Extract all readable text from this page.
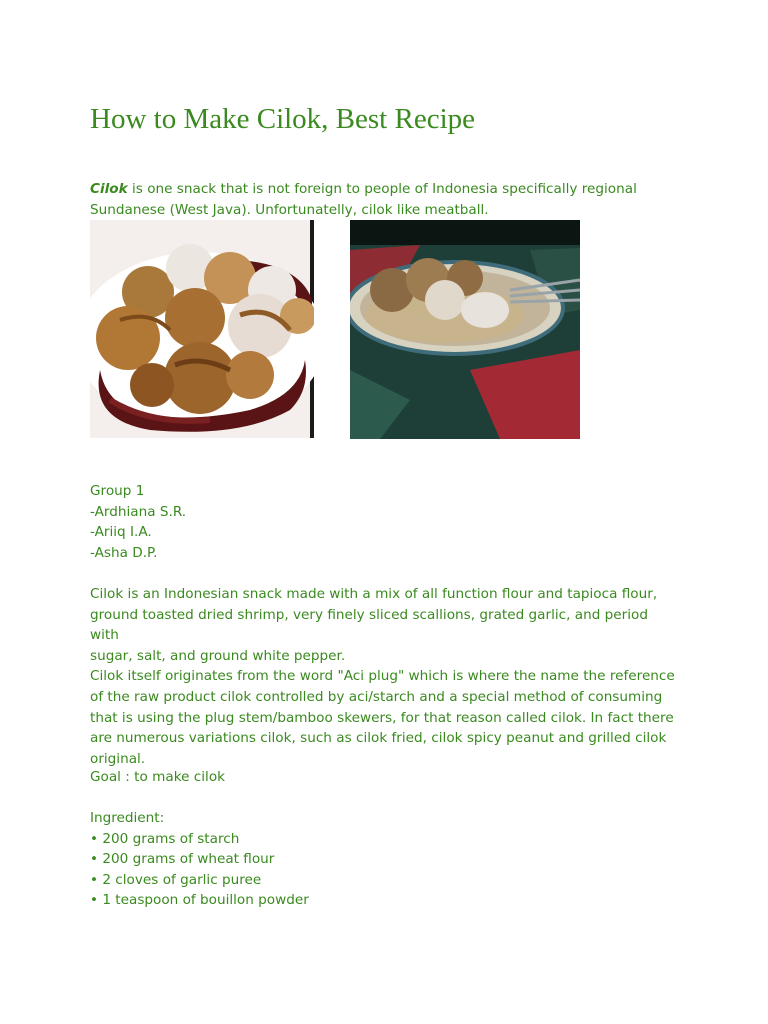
How to Make Cilok, Best Recipe
Cilok is one snack that is not foreign to people of Indonesia specifically regional
Sundanese (West Java). Unfortunatelly, cilok like meatball.
Group 1
-Ardhiana S.R.
-Ariiq I.A.
-Asha D.P.
Cilok is an Indonesian snack made with a mix of all function flour and tapioca flour,
ground toasted dried shrimp, very finely sliced scallions, grated garlic, and period with
sugar, salt, and ground white pepper.
Cilok itself originates from the word "Aci plug" which is where the name the reference
of the raw product cilok controlled by aci/starch and a special method of consuming
that is using the plug stem/bamboo skewers, for that reason called cilok. In fact there
are numerous variations cilok, such as cilok fried, cilok spicy peanut and grilled cilok
original.
Goal : to make cilok
Ingredient:
• 200 grams of starch
• 200 grams of wheat flour
• 2 cloves of garlic puree
• 1 teaspoon of bouillon powder
